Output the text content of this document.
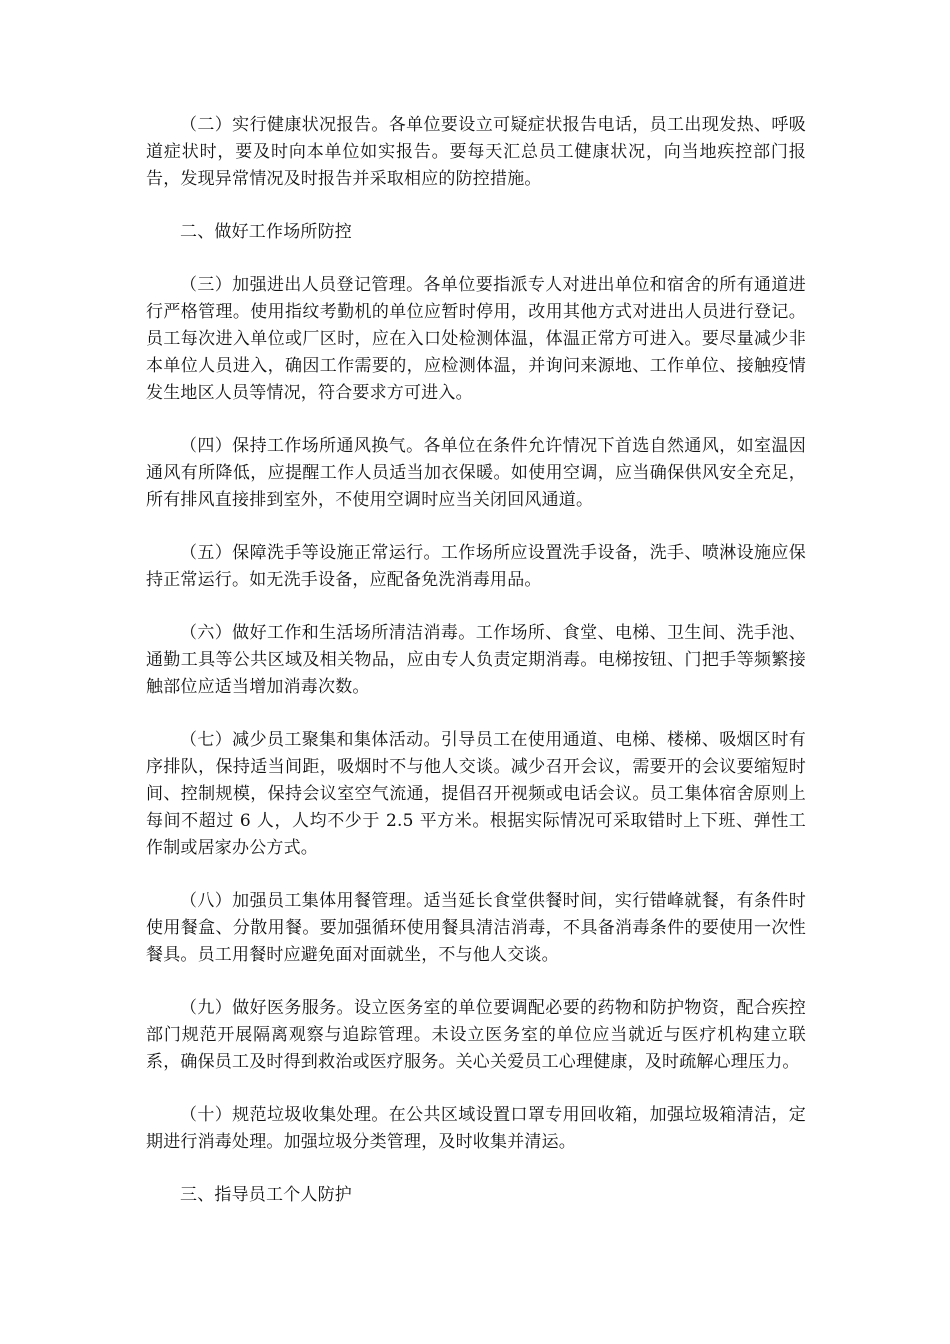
（二）实行健康状况报告。各单位要设立可疑症状报告电话，员工出现发热、呼吸道症状时，要及时向本单位如实报告。要每天汇总员工健康状况，向当地疾控部门报告，发现异常情况及时报告并采取相应的防控措施。

二、做好工作场所防控

（三）加强进出人员登记管理。各单位要指派专人对进出单位和宿舍的所有通道进行严格管理。使用指纹考勤机的单位应暂时停用，改用其他方式对进出人员进行登记。员工每次进入单位或厂区时，应在入口处检测体温，体温正常方可进入。要尽量减少非本单位人员进入，确因工作需要的，应检测体温，并询问来源地、工作单位、接触疫情发生地区人员等情况，符合要求方可进入。

（四）保持工作场所通风换气。各单位在条件允许情况下首选自然通风，如室温因通风有所降低，应提醒工作人员适当加衣保暖。如使用空调，应当确保供风安全充足，所有排风直接排到室外，不使用空调时应当关闭回风通道。

（五）保障洗手等设施正常运行。工作场所应设置洗手设备，洗手、喷淋设施应保持正常运行。如无洗手设备，应配备免洗消毒用品。

（六）做好工作和生活场所清洁消毒。工作场所、食堂、电梯、卫生间、洗手池、通勤工具等公共区域及相关物品，应由专人负责定期消毒。电梯按钮、门把手等频繁接触部位应适当增加消毒次数。

（七）减少员工聚集和集体活动。引导员工在使用通道、电梯、楼梯、吸烟区时有序排队，保持适当间距，吸烟时不与他人交谈。减少召开会议，需要开的会议要缩短时间、控制规模，保持会议室空气流通，提倡召开视频或电话会议。员工集体宿舍原则上每间不超过 6 人，人均不少于 2.5 平方米。根据实际情况可采取错时上下班、弹性工作制或居家办公方式。

（八）加强员工集体用餐管理。适当延长食堂供餐时间，实行错峰就餐，有条件时使用餐盒、分散用餐。要加强循环使用餐具清洁消毒，不具备消毒条件的要使用一次性餐具。员工用餐时应避免面对面就坐，不与他人交谈。

（九）做好医务服务。设立医务室的单位要调配必要的药物和防护物资，配合疾控部门规范开展隔离观察与追踪管理。未设立医务室的单位应当就近与医疗机构建立联系，确保员工及时得到救治或医疗服务。关心关爱员工心理健康，及时疏解心理压力。

（十）规范垃圾收集处理。在公共区域设置口罩专用回收箱，加强垃圾箱清洁，定期进行消毒处理。加强垃圾分类管理，及时收集并清运。

三、指导员工个人防护
